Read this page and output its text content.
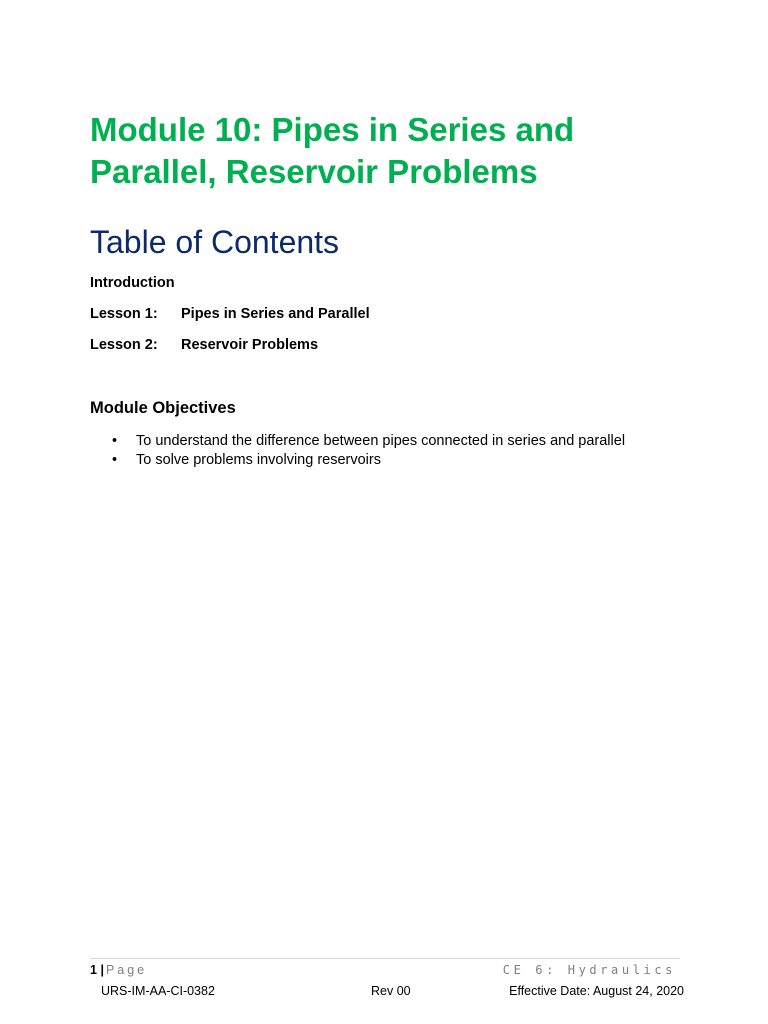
Module 10: Pipes in Series and
Parallel, Reservoir Problems
Table of Contents
Introduction
Lesson 1: Pipes in Series and Parallel
Lesson 2: Reservoir Problems
Module Objectives
• To understand the difference between pipes connected in series and parallel
• To solve problems involving reservoirs
1 | Page	CE 6: Hydraulics
URS-IM-AA-CI-0382	Rev 00	Effective Date: August 24, 2020
